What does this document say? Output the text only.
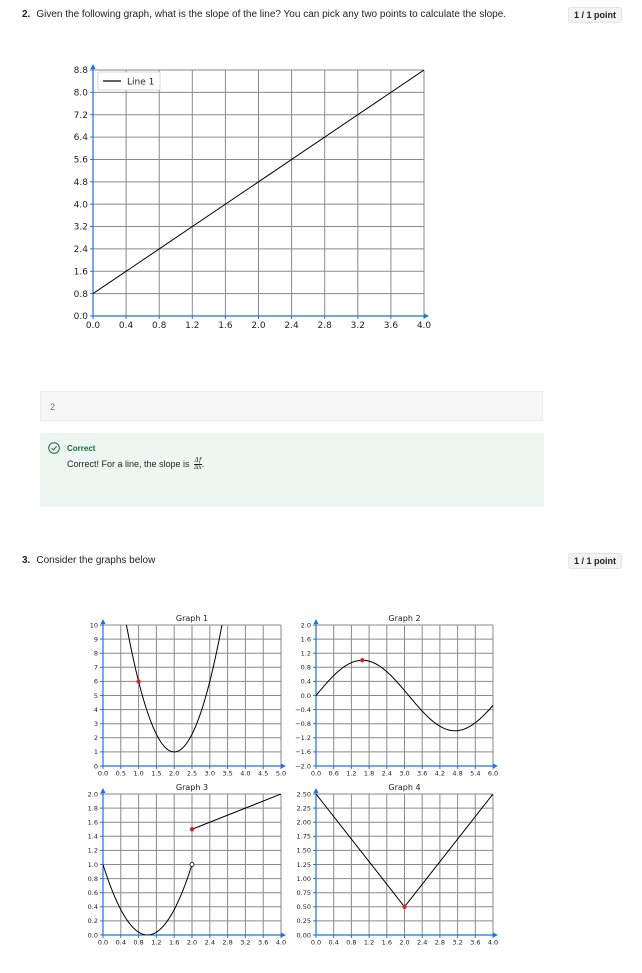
2. Given the following graph, what is the slope of the line? You can pick any two points to calculate the slope.	1 / 1 point
0.0 0.4 0.8 1.2 1.6 2.0 2.4 2.8 3.2 3.6 4.0
0.0
0.8
1.6
2.4
3.2
4.0
4.8
5.6
6.4
7.2
8.0
8.8
Line 1
2
Correct
Correct! For a line, the slope is $\frac{\Delta f}{\Delta x}$.
3. Consider the graphs below	1 / 1 point
0.0 0.5 1.0 1.5 2.0 2.5 3.0 3.5 4.0 4.5 5.0
0
1
2
3
4
5
6
7
8
9
10
Graph 1
0.0 0.6 1.2 1.8 2.4 3.0 3.6 4.2 4.8 5.4 6.0
−2.0
−1.6
−1.2
−0.8
−0.4
0.0
0.4
0.8
1.2
1.6
2.0
Graph 2
0.0 0.4 0.8 1.2 1.6 2.0 2.4 2.8 3.2 3.6 4.0
0.0
0.2
0.4
0.6
0.8
1.0
1.2
1.4
1.6
1.8
2.0
Graph 3
0.0 0.4 0.8 1.2 1.6 2.0 2.4 2.8 3.2 3.6 4.0
0.00
0.25
0.50
0.75
1.00
1.25
1.50
1.75
2.00
2.25
2.50
Graph 4
